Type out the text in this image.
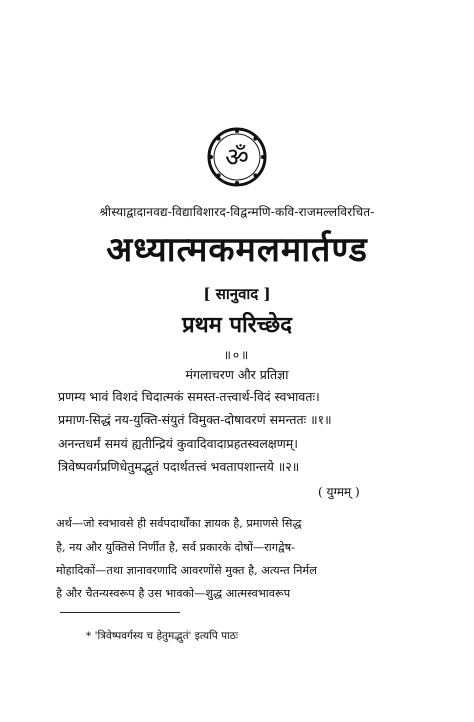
ॐ
श्रीस्याद्वादानवद्य-विद्याविशारद-विद्वन्मणि-कवि-राजमल्लविरचित-
अध्यात्मकमलमार्तण्ड
[ सानुवाद ]
प्रथम परिच्छेद
॥०॥
मंगलाचरण और प्रतिज्ञा
प्रणम्य भावं विशदं चिदात्मकं समस्त-तत्त्वार्थ-विदं स्वभावतः।
प्रमाण-सिद्धं नय-युक्ति-संयुतं विमुक्त-दोषावरणं समन्ततः ॥१॥
अनन्तधर्मं समयं ह्यतीन्द्रियं कुवादिवादाप्रहतस्वलक्षणम्।
त्रिवेष्पवर्गप्रणिधेतुमद्भुतं पदार्थतत्त्वं भवतापशान्तये ॥२॥
( युग्मम् )
अर्थ—जो स्वभावसे ही सर्वपदार्थोंका ज्ञायक है, प्रमाणसे सिद्ध
है, नय और युक्तिसे निर्णीत है, सर्व प्रकारके दोषों—रागद्वेष-
मोहादिकों—तथा ज्ञानावरणादि आवरणोंसे मुक्त है, अत्यन्त निर्मल
है और चैतन्यस्वरूप है उस भावको—शुद्ध आत्मस्वभावरूप
* 'त्रिवेष्पवर्गस्य च हेतुमद्भुतं' इत्यपि पाठः
